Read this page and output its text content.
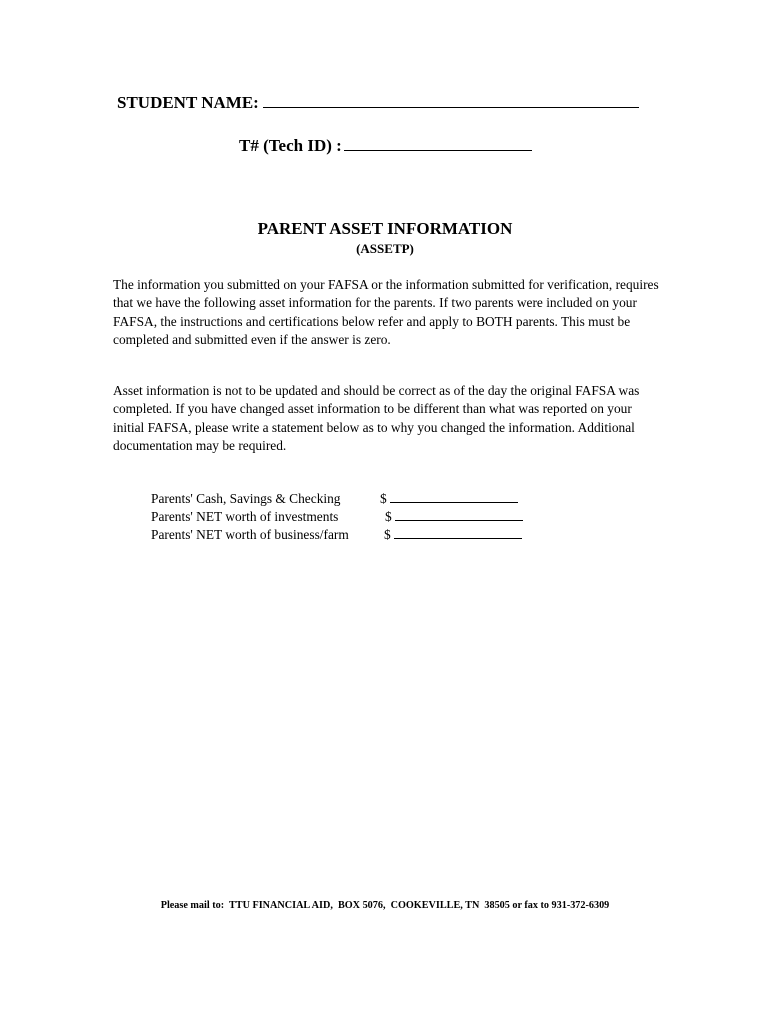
STUDENT NAME:
T# (Tech ID) :
PARENT ASSET INFORMATION
(ASSETP)

The information you submitted on your FAFSA or the information submitted for verification, requires that we have the following asset information for the parents. If two parents were included on your FAFSA, the instructions and certifications below refer and apply to BOTH parents. This must be completed and submitted even if the answer is zero.

Asset information is not to be updated and should be correct as of the day the original FAFSA was completed. If you have changed asset information to be different than what was reported on your initial FAFSA, please write a statement below as to why you changed the information. Additional documentation may be required.

Parents' Cash, Savings & Checking	$
Parents' NET worth of investments	$
Parents' NET worth of business/farm	$
Please mail to:  TTU FINANCIAL AID,  BOX 5076,  COOKEVILLE, TN  38505 or fax to 931-372-6309
